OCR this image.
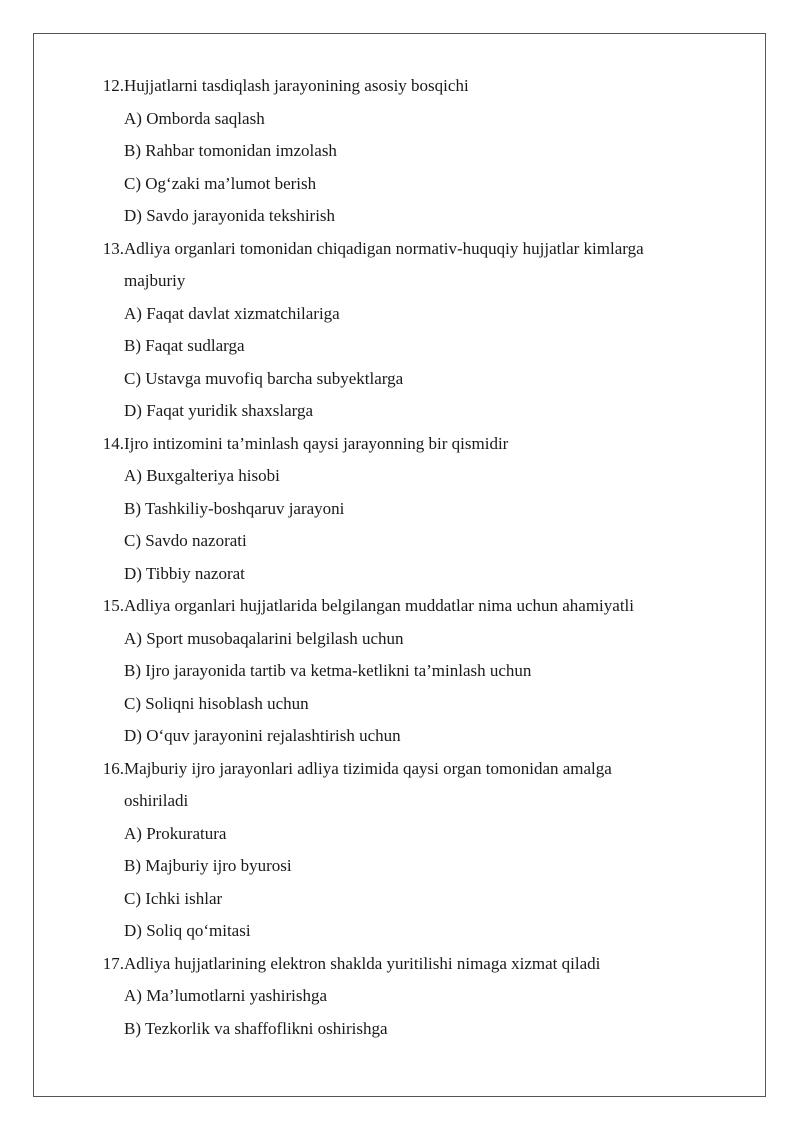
12. Hujjatlarni tasdiqlash jarayonining asosiy bosqichi
A) Omborda saqlash
B) Rahbar tomonidan imzolash
C) Og‘zaki ma’lumot berish
D) Savdo jarayonida tekshirish
13. Adliya organlari tomonidan chiqadigan normativ-huquqiy hujjatlar kimlarga
majburiy
A) Faqat davlat xizmatchilariga
B) Faqat sudlarga
C) Ustavga muvofiq barcha subyektlarga
D) Faqat yuridik shaxslarga
14. Ijro intizomini ta’minlash qaysi jarayonning bir qismidir
A) Buxgalteriya hisobi
B) Tashkiliy-boshqaruv jarayoni
C) Savdo nazorati
D) Tibbiy nazorat
15. Adliya organlari hujjatlarida belgilangan muddatlar nima uchun ahamiyatli
A) Sport musobaqalarini belgilash uchun
B) Ijro jarayonida tartib va ketma-ketlikni ta’minlash uchun
C) Soliqni hisoblash uchun
D) O‘quv jarayonini rejalashtirish uchun
16. Majburiy ijro jarayonlari adliya tizimida qaysi organ tomonidan amalga
oshiriladi
A) Prokuratura
B) Majburiy ijro byurosi
C) Ichki ishlar
D) Soliq qo‘mitasi
17. Adliya hujjatlarining elektron shaklda yuritilishi nimaga xizmat qiladi
A) Ma’lumotlarni yashirishga
B) Tezkorlik va shaffoflikni oshirishga
